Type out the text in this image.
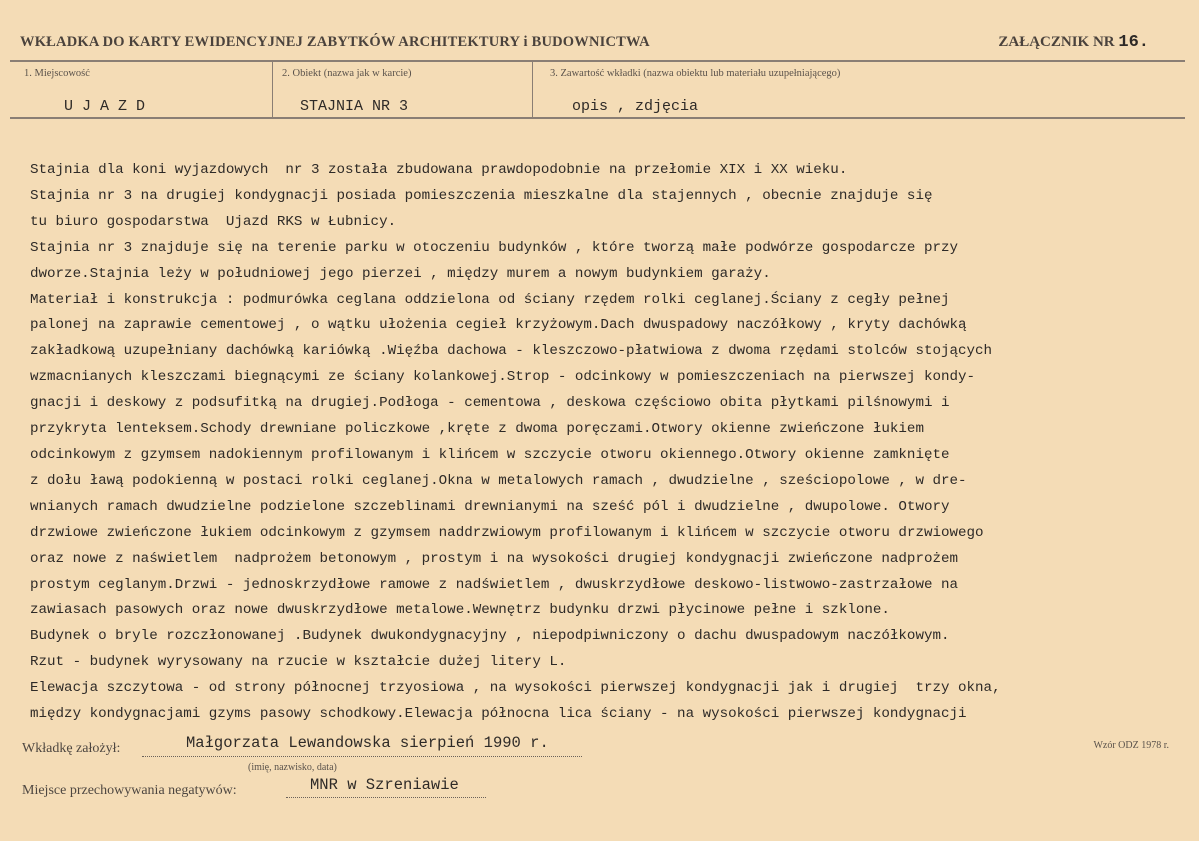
WKŁADKA DO KARTY EWIDENCYJNEJ ZABYTKÓW ARCHITEKTURY i BUDOWNICTWA	ZAŁĄCZNIK NR 16.
1. Miejscowość	2. Obiekt (nazwa jak w karcie)	3. Zawartość wkładki (nazwa obiektu lub materiału uzupełniającego)
UJAZD	STAJNIA NR 3	opis , zdjęcia
Stajnia dla koni wyjazdowych  nr 3 została zbudowana prawdopodobnie na przełomie XIX i XX wieku.
Stajnia nr 3 na drugiej kondygnacji posiada pomieszczenia mieszkalne dla stajennych , obecnie znajduje się
tu biuro gospodarstwa  Ujazd RKS w Łubnicy.
Stajnia nr 3 znajduje się na terenie parku w otoczeniu budynków , które tworzą małe podwórze gospodarcze przy
dworze.Stajnia leży w południowej jego pierzei , między murem a nowym budynkiem garaży.
Materiał i konstrukcja : podmurówka ceglana oddzielona od ściany rzędem rolki ceglanej.Ściany z cegły pełnej
palonej na zaprawie cementowej , o wątku ułożenia cegieł krzyżowym.Dach dwuspadowy naczółkowy , kryty dachówką
zakładkową uzupełniany dachówką kariówką .Więźba dachowa - kleszczowo-płatwiowa z dwoma rzędami stolców stojących
wzmacnianych kleszczami biegnącymi ze ściany kolankowej.Strop - odcinkowy w pomieszczeniach na pierwszej kondy-
gnacji i deskowy z podsufitką na drugiej.Podłoga - cementowa , deskowa częściowo obita płytkami pilśnowymi i
przykryta lenteksem.Schody drewniane policzkowe ,kręte z dwoma poręczami.Otwory okienne zwieńczone łukiem
odcinkowym z gzymsem nadokiennym profilowanym i klińcem w szczycie otworu okiennego.Otwory okienne zamknięte
z dołu ławą podokienną w postaci rolki ceglanej.Okna w metalowych ramach , dwudzielne , sześciopolowe , w dre-
wnianych ramach dwudzielne podzielone szczeblinami drewnianymi na sześć pól i dwudzielne , dwupolowe. Otwory
drzwiowe zwieńczone łukiem odcinkowym z gzymsem naddrzwiowym profilowanym i klińcem w szczycie otworu drzwiowego
oraz nowe z naświetlem  nadprożem betonowym , prostym i na wysokości drugiej kondygnacji zwieńczone nadprożem
prostym ceglanym.Drzwi - jednoskrzydłowe ramowe z nadświetlem , dwuskrzydłowe deskowo-listwowo-zastrzałowe na
zawiasach pasowych oraz nowe dwuskrzydłowe metalowe.Wewnętrz budynku drzwi płycinowe pełne i szklone.
Budynek o bryle rozczłonowanej .Budynek dwukondygnacyjny , niepodpiwniczony o dachu dwuspadowym naczółkowym.
Rzut - budynek wyrysowany na rzucie w kształcie dużej litery L.
Elewacja szczytowa - od strony północnej trzyosiowa , na wysokości pierwszej kondygnacji jak i drugiej  trzy okna,
między kondygnacjami gzyms pasowy schodkowy.Elewacja północna lica ściany - na wysokości pierwszej kondygnacji
Wkładkę założył:	Małgorzata Lewandowska sierpień 1990 r.
(imię, nazwisko, data)
Wzór ODZ 1978 r.
Miejsce przechowywania negatywów:	MNR w Szreniawie
